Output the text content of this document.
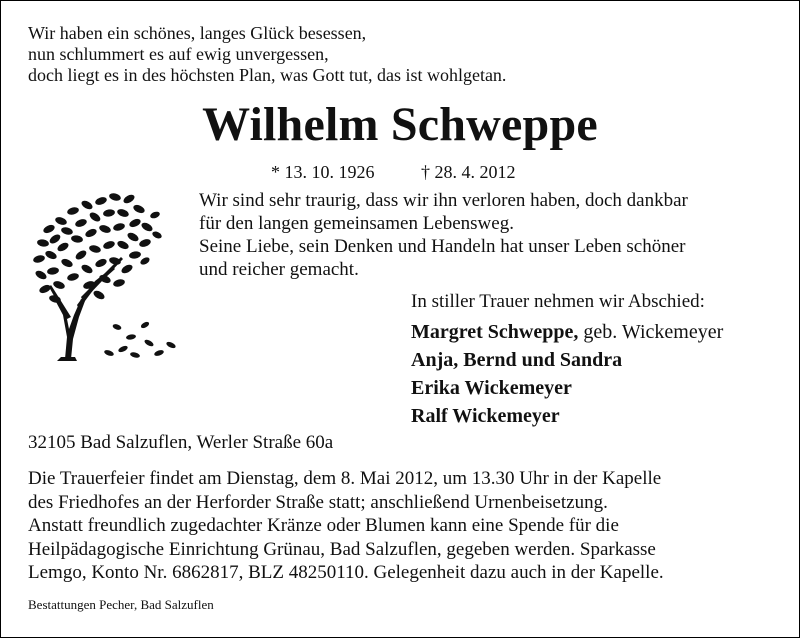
Wir haben ein schönes, langes Glück besessen,
nun schlummert es auf ewig unvergessen,
doch liegt es in des höchsten Plan, was Gott tut, das ist wohlgetan.
Wilhelm Schweppe
* 13. 10. 1926	† 28. 4. 2012
Wir sind sehr traurig, dass wir ihn verloren haben, doch dankbar
für den langen gemeinsamen Lebensweg.
Seine Liebe, sein Denken und Handeln hat unser Leben schöner
und reicher gemacht.
In stiller Trauer nehmen wir Abschied:
Margret Schweppe, geb. Wickemeyer
Anja, Bernd und Sandra
Erika Wickemeyer
Ralf Wickemeyer
32105 Bad Salzuflen, Werler Straße 60a
Die Trauerfeier findet am Dienstag, dem 8. Mai 2012, um 13.30 Uhr in der Kapelle
des Friedhofes an der Herforder Straße statt; anschließend Urnenbeisetzung.
Anstatt freundlich zugedachter Kränze oder Blumen kann eine Spende für die
Heilpädagogische Einrichtung Grünau, Bad Salzuflen, gegeben werden. Sparkasse
Lemgo, Konto Nr. 6862817, BLZ 48250110. Gelegenheit dazu auch in der Kapelle.
Bestattungen Pecher, Bad Salzuflen
